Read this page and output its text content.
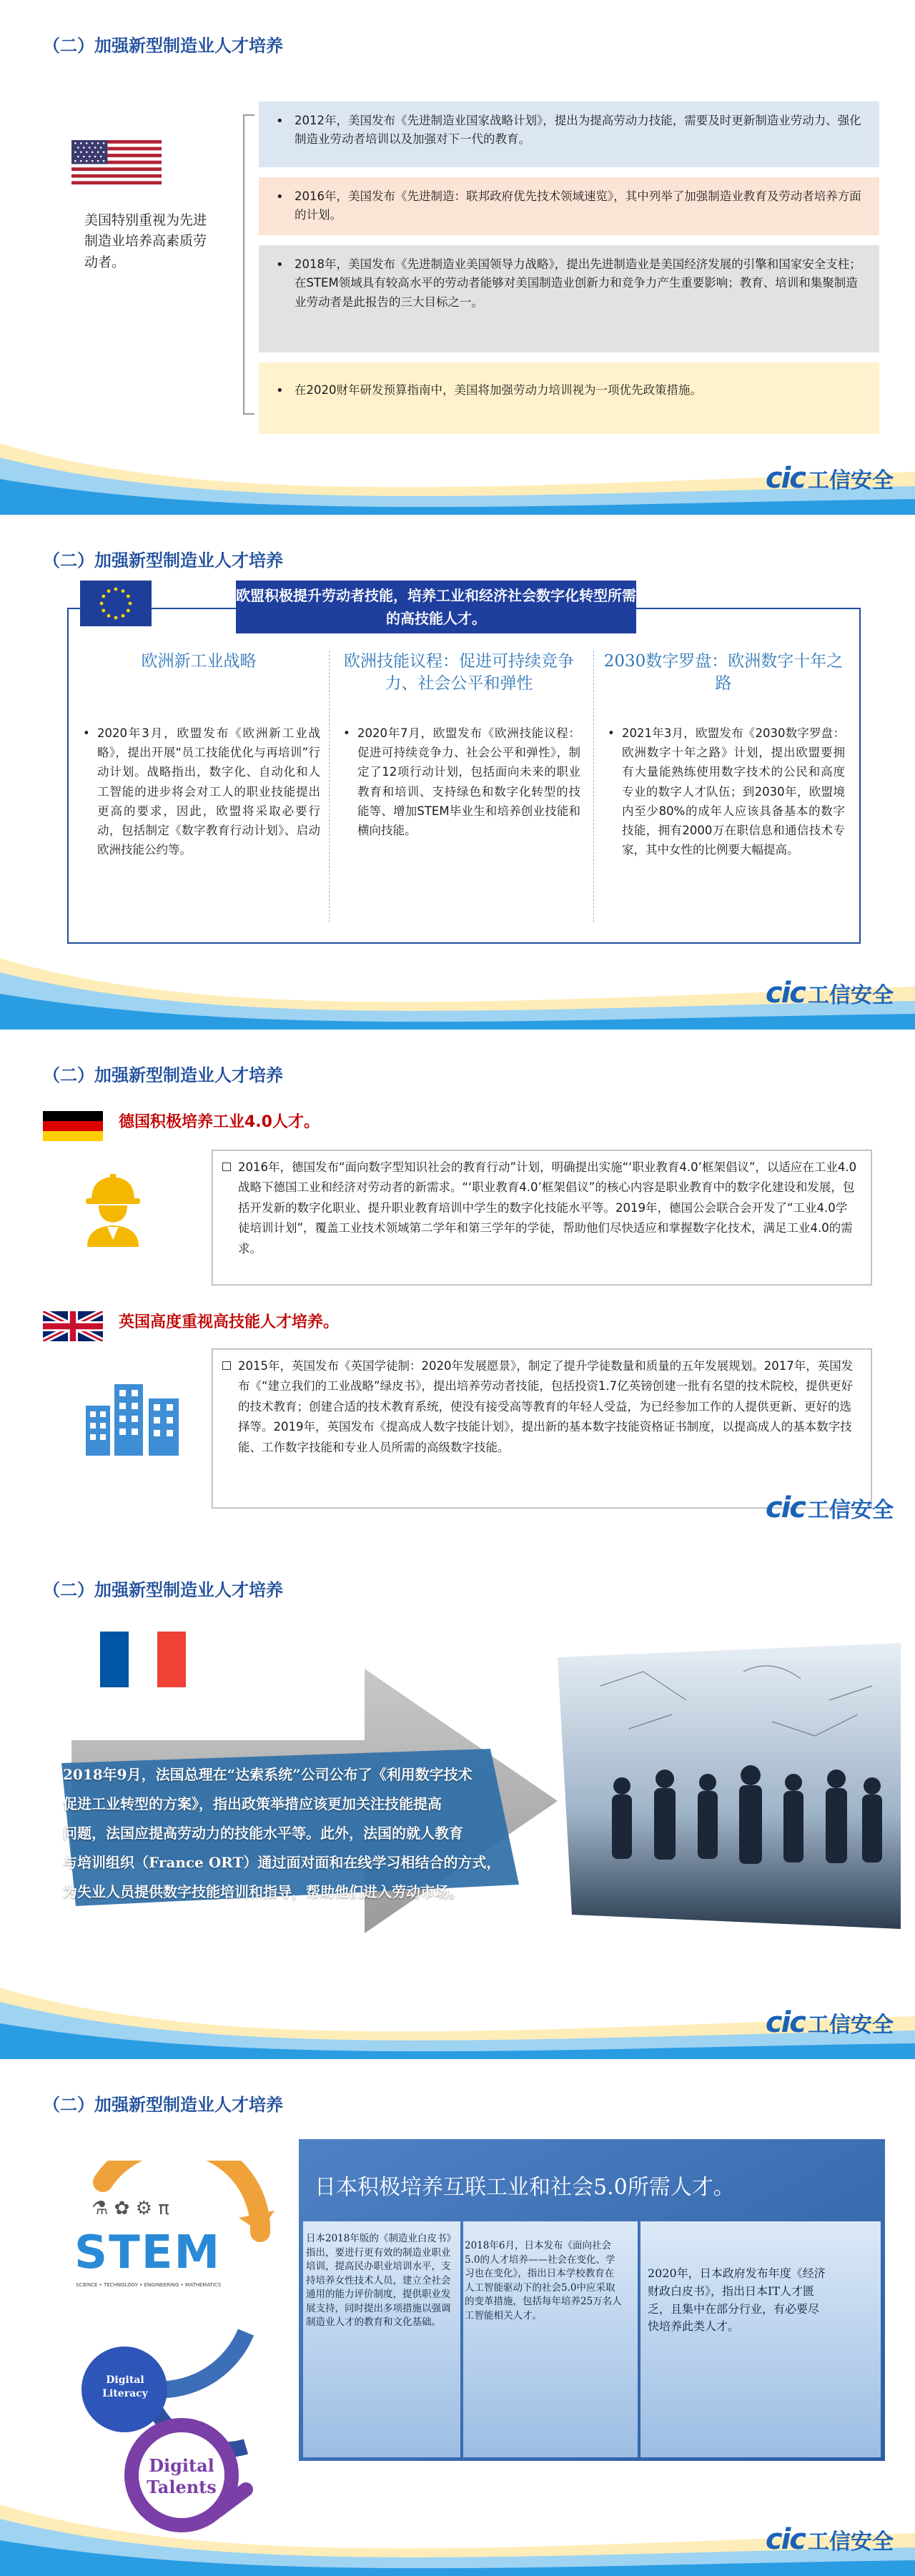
（二）加强新型制造业人才培养
美国特别重视为先进制造业培养高素质劳动者。
• 2012年，美国发布《先进制造业国家战略计划》，提出为提高劳动力技能，需要及时更新制造业劳动力、强化制造业劳动者培训以及加强对下一代的教育。
• 2016年，美国发布《先进制造：联邦政府优先技术领域速览》，其中列举了加强制造业教育及劳动者培养方面的计划。
• 2018年，美国发布《先进制造业美国领导力战略》，提出先进制造业是美国经济发展的引擎和国家安全支柱；在STEM领域具有较高水平的劳动者能够对美国制造业创新力和竞争力产生重要影响；教育、培训和集聚制造业劳动者是此报告的三大目标之一。
• 在2020财年研发预算指南中，美国将加强劳动力培训视为一项优先政策措施。
cic 工信安全
（二）加强新型制造业人才培养
欧盟积极提升劳动者技能，培养工业和经济社会数字化转型所需的高技能人才。
欧洲新工业战略
• 2020年3月，欧盟发布《欧洲新工业战略》，提出开展“员工技能优化与再培训”行动计划。战略指出，数字化、自动化和人工智能的进步将会对工人的职业技能提出更高的要求，因此，欧盟将采取必要行动，包括制定《数字教育行动计划》、启动欧洲技能公约等。
欧洲技能议程：促进可持续竞争力、社会公平和弹性
• 2020年7月，欧盟发布《欧洲技能议程：促进可持续竞争力、社会公平和弹性》，制定了12项行动计划，包括面向未来的职业教育和培训、支持绿色和数字化转型的技能等、增加STEM毕业生和培养创业技能和横向技能。
2030数字罗盘：欧洲数字十年之路
• 2021年3月，欧盟发布《2030数字罗盘：欧洲数字十年之路》计划，提出欧盟要拥有大量能熟练使用数字技术的公民和高度专业的数字人才队伍；到2030年，欧盟境内至少80%的成年人应该具备基本的数字技能，拥有2000万在职信息和通信技术专家，其中女性的比例要大幅提高。
cic 工信安全
（二）加强新型制造业人才培养
德国积极培养工业4.0人才。
2016年，德国发布“面向数字型知识社会的教育行动”计划，明确提出实施“‘职业教育4.0’框架倡议”，以适应在工业4.0战略下德国工业和经济对劳动者的新需求。“‘职业教育4.0’框架倡议”的核心内容是职业教育中的数字化建设和发展，包括开发新的数字化职业、提升职业教育培训中学生的数字化技能水平等。2019年，德国公会联合会开发了“工业4.0学徒培训计划”，覆盖工业技术领域第二学年和第三学年的学徒，帮助他们尽快适应和掌握数字化技术，满足工业4.0的需求。
英国高度重视高技能人才培养。
2015年，英国发布《英国学徒制：2020年发展愿景》，制定了提升学徒数量和质量的五年发展规划。2017年，英国发布《“建立我们的工业战略”绿皮书》，提出培养劳动者技能，包括投资1.7亿英镑创建一批有名望的技术院校，提供更好的技术教育；创建合适的技术教育系统，使没有接受高等教育的年轻人受益，为已经参加工作的人提供更新、更好的选择等。2019年，英国发布《提高成人数字技能计划》，提出新的基本数字技能资格证书制度，以提高成人的基本数字技能、工作数字技能和专业人员所需的高级数字技能。
cic 工信安全
（二）加强新型制造业人才培养
2018年9月，法国总理在“达索系统”公司公布了《利用数字技术
促进工业转型的方案》，指出政策举措应该更加关注技能提高
问题，法国应提高劳动力的技能水平等。此外，法国的就人教育
与培训组织（France ORT）通过面对面和在线学习相结合的方式，
为失业人员提供数字技能培训和指导，帮助他们进入劳动市场。
cic 工信安全
（二）加强新型制造业人才培养
⚗ ✿ ⚙ π
STEM
SCIENCE • TECHNOLOGY • ENGINEERING • MATHEMATICS
Digital Literacy
Digital Talents
日本积极培养互联工业和社会5.0所需人才。
日本2018年版的《制造业白皮书》指出，要进行更有效的制造业职业培训，提高民办职业培训水平，支持培养女性技术人员，建立全社会通用的能力评价制度，提供职业发展支持，同时提出多项措施以强调制造业人才的教育和文化基础。
2018年6月，日本发布《面向社会5.0的人才培养——社会在变化、学习也在变化》，指出日本学校教育在人工智能驱动下的社会5.0中应采取的变革措施，包括每年培养25万名人工智能相关人才。
2020年，日本政府发布年度《经济财政白皮书》，指出日本IT人才匮乏，且集中在部分行业，有必要尽快培养此类人才。
cic 工信安全
